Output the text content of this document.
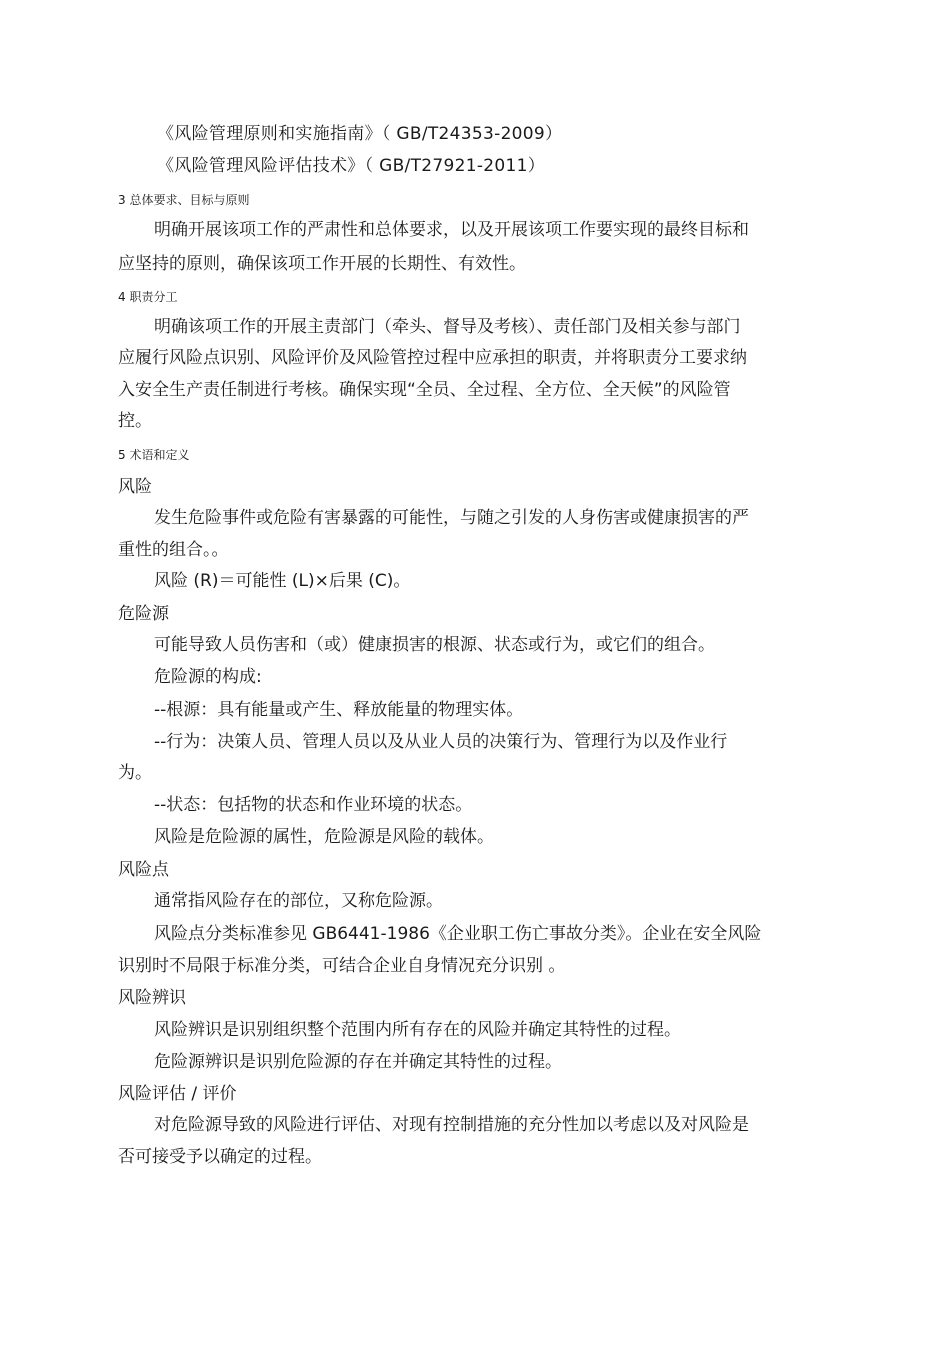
《风险管理原则和实施指南》（ GB/T24353-2009）
《风险管理风险评估技术》（ GB/T27921-2011）
3 总体要求、目标与原则
明确开展该项工作的严肃性和总体要求，以及开展该项工作要实现的最终目标和
应坚持的原则，确保该项工作开展的长期性、有效性。
4 职责分工
明确该项工作的开展主责部门（牵头、督导及考核）、责任部门及相关参与部门
应履行风险点识别、风险评价及风险管控过程中应承担的职责，并将职责分工要求纳
入安全生产责任制进行考核。确保实现“全员、全过程、全方位、全天候”的风险管
控。
5 术语和定义
风险
发生危险事件或危险有害暴露的可能性，与随之引发的人身伤害或健康损害的严
重性的组合。。
风险 (R)＝可能性 (L)×后果 (C)。
危险源
可能导致人员伤害和（或）健康损害的根源、状态或行为，或它们的组合。
危险源的构成:
--根源：具有能量或产生、释放能量的物理实体。
--行为：决策人员、管理人员以及从业人员的决策行为、管理行为以及作业行
为。
--状态：包括物的状态和作业环境的状态。
风险是危险源的属性，危险源是风险的载体。
风险点
通常指风险存在的部位，又称危险源。
风险点分类标准参见 GB6441-1986《企业职工伤亡事故分类》。企业在安全风险
识别时不局限于标准分类，可结合企业自身情况充分识别 。
风险辨识
风险辨识是识别组织整个范围内所有存在的风险并确定其特性的过程。
危险源辨识是识别危险源的存在并确定其特性的过程。
风险评估 / 评价
对危险源导致的风险进行评估、对现有控制措施的充分性加以考虑以及对风险是
否可接受予以确定的过程。
